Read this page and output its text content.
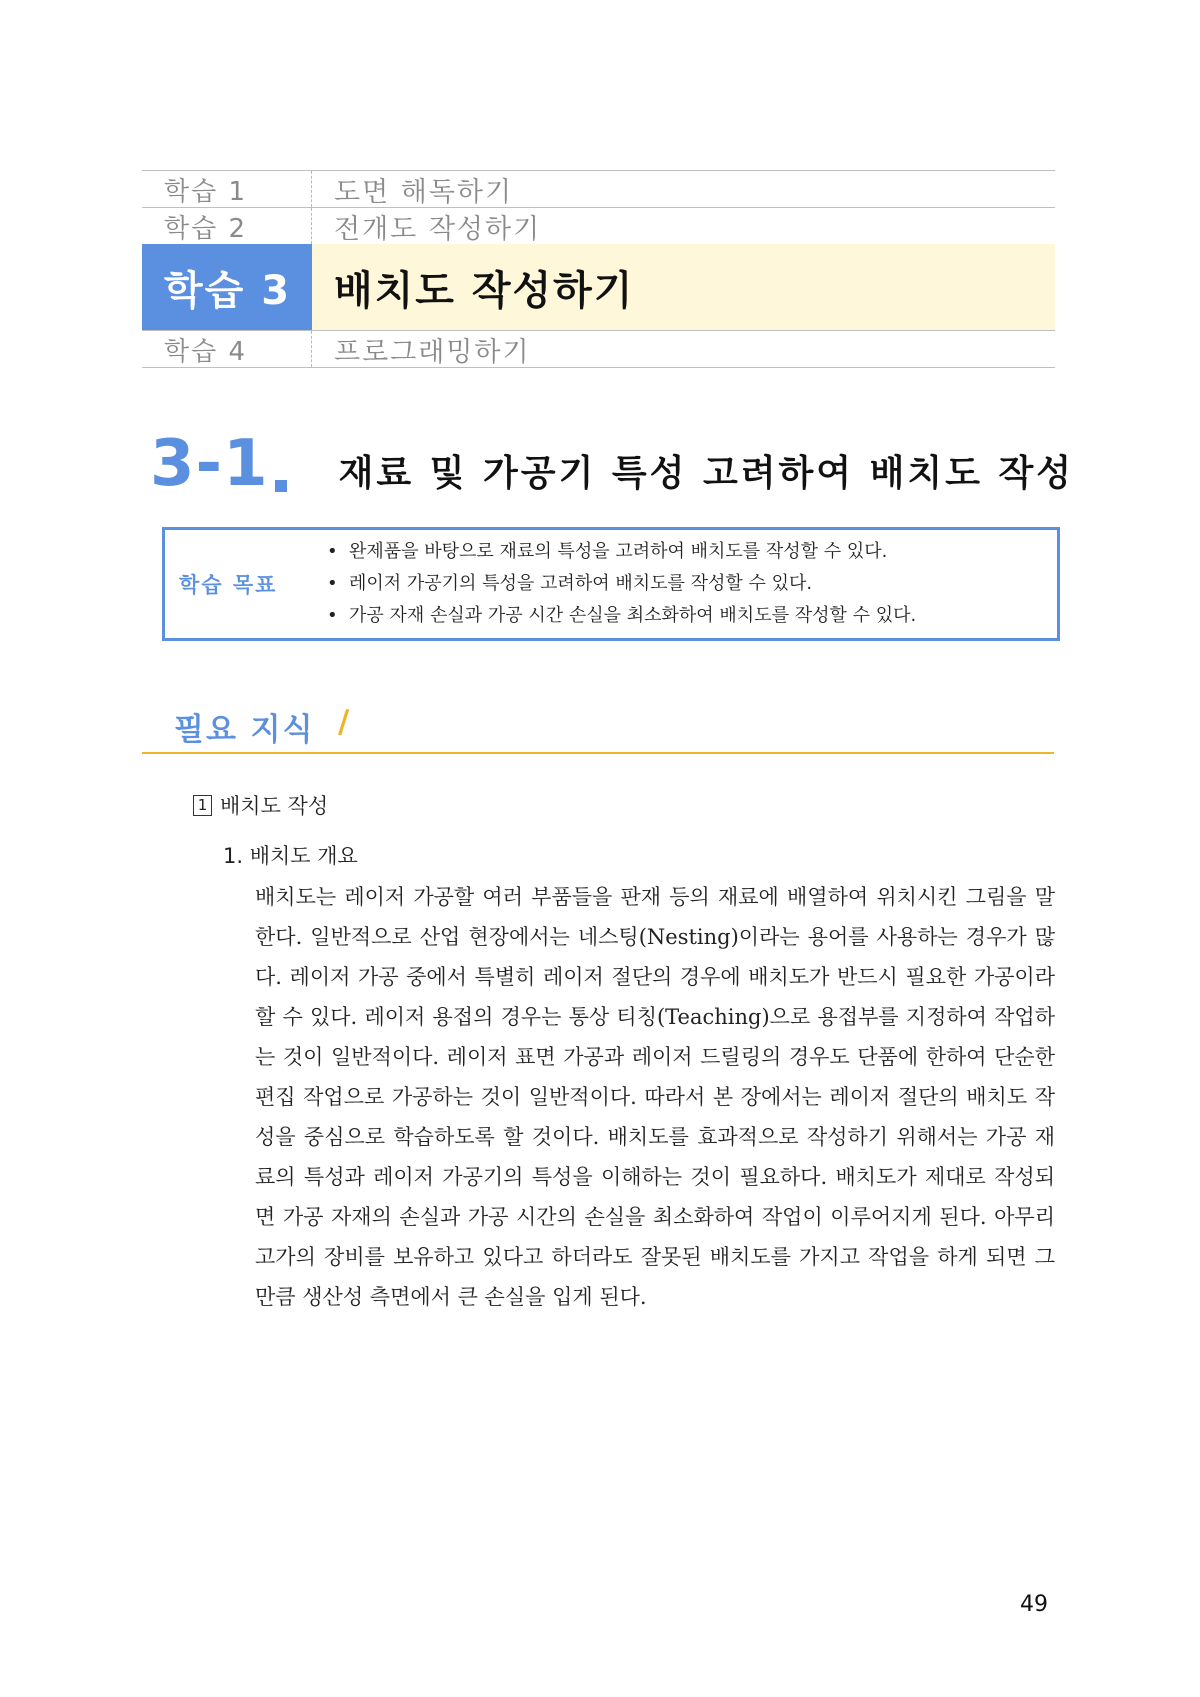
학습 1	도면 해독하기
학습 2	전개도 작성하기
학습 3	배치도 작성하기
학습 4	프로그래밍하기
3-1 재료 및 가공기 특성 고려하여 배치도 작성
학습 목표
• 완제품을 바탕으로 재료의 특성을 고려하여 배치도를 작성할 수 있다.
• 레이저 가공기의 특성을 고려하여 배치도를 작성할 수 있다.
• 가공 자재 손실과 가공 시간 손실을 최소화하여 배치도를 작성할 수 있다.
필요 지식 /
1 배치도 작성
1. 배치도 개요

배치도는 레이저 가공할 여러 부품들을 판재 등의 재료에 배열하여 위치시킨 그림을 말한다. 일반적으로 산업 현장에서는 네스팅(Nesting)이라는 용어를 사용하는 경우가 많다. 레이저 가공 중에서 특별히 레이저 절단의 경우에 배치도가 반드시 필요한 가공이라 할 수 있다. 레이저 용접의 경우는 통상 티칭(Teaching)으로 용접부를 지정하여 작업하는 것이 일반적이다. 레이저 표면 가공과 레이저 드릴링의 경우도 단품에 한하여 단순한 편집 작업으로 가공하는 것이 일반적이다. 따라서 본 장에서는 레이저 절단의 배치도 작성을 중심으로 학습하도록 할 것이다. 배치도를 효과적으로 작성하기 위해서는 가공 재료의 특성과 레이저 가공기의 특성을 이해하는 것이 필요하다. 배치도가 제대로 작성되면 가공 자재의 손실과 가공 시간의 손실을 최소화하여 작업이 이루어지게 된다. 아무리 고가의 장비를 보유하고 있다고 하더라도 잘못된 배치도를 가지고 작업을 하게 되면 그만큼 생산성 측면에서 큰 손실을 입게 된다.

49
